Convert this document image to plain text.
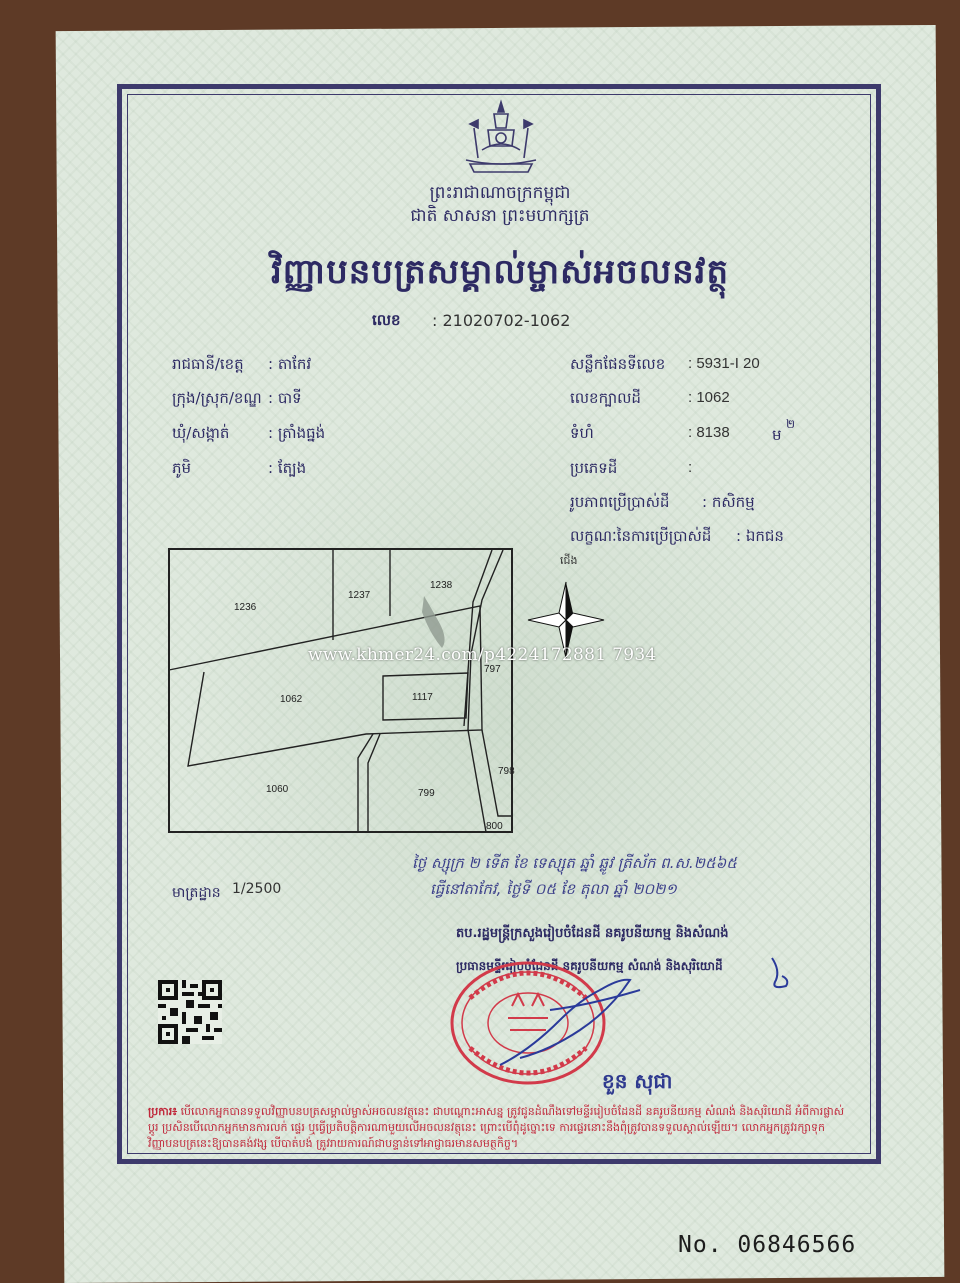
ព្រះរាជាណាចក្រកម្ពុជា
ជាតិ សាសនា ព្រះមហាក្សត្រ
វិញ្ញាបនបត្រសម្គាល់ម្ចាស់អចលនវត្ថុ
លេខ : 21020702-1062
រាជធានី/ខេត្ត : តាកែវ
ក្រុង/ស្រុក/ខណ្ឌ : បាទី
ឃុំ/សង្កាត់	: ត្រាំងធ្នង់
ភូមិ	: ត្បែង
សន្លឹកផែនទីលេខ : 5931-I 20
លេខក្បាលដី	: 1062
ទំហំ	: 8138	ម
២
ប្រភេទដី	:
រូបភាពប្រើប្រាស់ដី : កសិកម្ម
លក្ខណៈនៃការប្រើប្រាស់ដី : ឯកជន
1236
1237
1238
1062	1117
797
1060	799
798
800
ជើង
www.khmer24.com/p4224172881 7934
ថ្ងៃ ស្សុក្រ ២ ទើត ខែ ទេស្សុត ឆ្នាំ ឆ្លូវ ត្រីស័ក ព.ស.២៥៦៥
ធ្វើនៅតាកែវ, ថ្ងៃទី ០៥ ខែ តុលា ឆ្នាំ ២០២១
មាត្រដ្ឋាន 1/2500
តប.រដ្ឋមន្ត្រីក្រសួងរៀបចំដែនដី នគរូបនីយកម្ម និងសំណង់
ប្រធានមន្ទីររៀបចំដែនដី នគរូបនីយកម្ម សំណង់ និងសុរិយោដី
ខួន សុជា
ប្រការ៖ បើលោកអ្នកបានទទួលវិញ្ញាបនបត្រសម្គាល់ម្ចាស់អចលនវត្ថុនេះ ជាបណ្តោះអាសន្ន ត្រូវជូនដំណឹងទៅមន្ទីររៀបចំដែនដី នគរូបនីយកម្ម សំណង់ និងសុរិយោដី អំពីការផ្លាស់ប្តូរ ប្រសិនបើលោកអ្នកមានការលក់ ផ្ទេរ ឬធ្វើប្រតិបត្តិការណាមួយលើអចលនវត្ថុនេះ ព្រោះបើពុំដូច្នោះទេ ការផ្ទេរនោះនឹងពុំត្រូវបានទទួលស្គាល់ឡើយ។ លោកអ្នកត្រូវរក្សាទុកវិញ្ញាបនបត្រនេះឱ្យបានគង់វង្ស បើបាត់បង់ ត្រូវរាយការណ៍ជាបន្ទាន់ទៅអាជ្ញាធរមានសមត្ថកិច្ច។
No. 06846566
